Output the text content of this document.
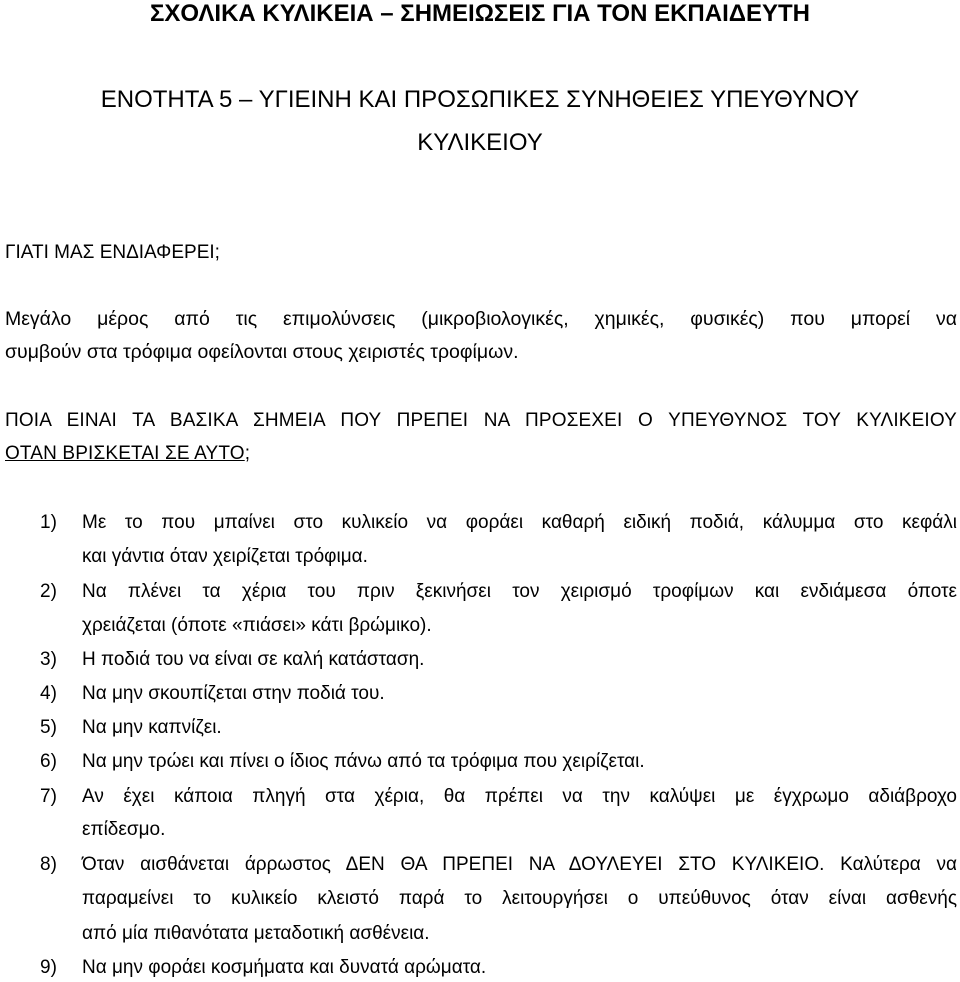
ΣΧΟΛΙΚΑ ΚΥΛΙΚΕΙΑ – ΣΗΜΕΙΩΣΕΙΣ ΓΙΑ ΤΟΝ ΕΚΠΑΙΔΕΥΤΗ
ΕΝΟΤΗΤΑ 5 – ΥΓΙΕΙΝΗ ΚΑΙ ΠΡΟΣΩΠΙΚΕΣ ΣΥΝΗΘΕΙΕΣ ΥΠΕΥΘΥΝΟΥ
ΚΥΛΙΚΕΙΟΥ
ΓΙΑΤΙ ΜΑΣ ΕΝΔΙΑΦΕΡΕΙ;
Μεγάλο μέρος από τις επιμολύνσεις (μικροβιολογικές, χημικές, φυσικές) που μπορεί να
συμβούν στα τρόφιμα οφείλονται στους χειριστές τροφίμων.
ΠΟΙΑ ΕΙΝΑΙ ΤΑ ΒΑΣΙΚΑ ΣΗΜΕΙΑ ΠΟΥ ΠΡΕΠΕΙ ΝΑ ΠΡΟΣΕΧΕΙ Ο ΥΠΕΥΘΥΝΟΣ ΤΟΥ ΚΥΛΙΚΕΙΟΥ
ΟΤΑΝ ΒΡΙΣΚΕΤΑΙ ΣΕ ΑΥΤΟ;
1) Με το που μπαίνει στο κυλικείο να φοράει καθαρή ειδική ποδιά, κάλυμμα στο κεφάλι
και γάντια όταν χειρίζεται τρόφιμα.
2) Να πλένει τα χέρια του πριν ξεκινήσει τον χειρισμό τροφίμων και ενδιάμεσα όποτε
χρειάζεται (όποτε «πιάσει» κάτι βρώμικο).
3) Η ποδιά του να είναι σε καλή κατάσταση.
4) Να μην σκουπίζεται στην ποδιά του.
5) Να μην καπνίζει.
6) Να μην τρώει και πίνει ο ίδιος πάνω από τα τρόφιμα που χειρίζεται.
7) Αν έχει κάποια πληγή στα χέρια, θα πρέπει να την καλύψει με έγχρωμο αδιάβροχο
επίδεσμο.
8) Όταν αισθάνεται άρρωστος ΔΕΝ ΘΑ ΠΡΕΠΕΙ ΝΑ ΔΟΥΛΕΥΕΙ ΣΤΟ ΚΥΛΙΚΕΙΟ. Καλύτερα να
παραμείνει το κυλικείο κλειστό παρά το λειτουργήσει ο υπεύθυνος όταν είναι ασθενής
από μία πιθανότατα μεταδοτική ασθένεια.
9) Να μην φοράει κοσμήματα και δυνατά αρώματα.
